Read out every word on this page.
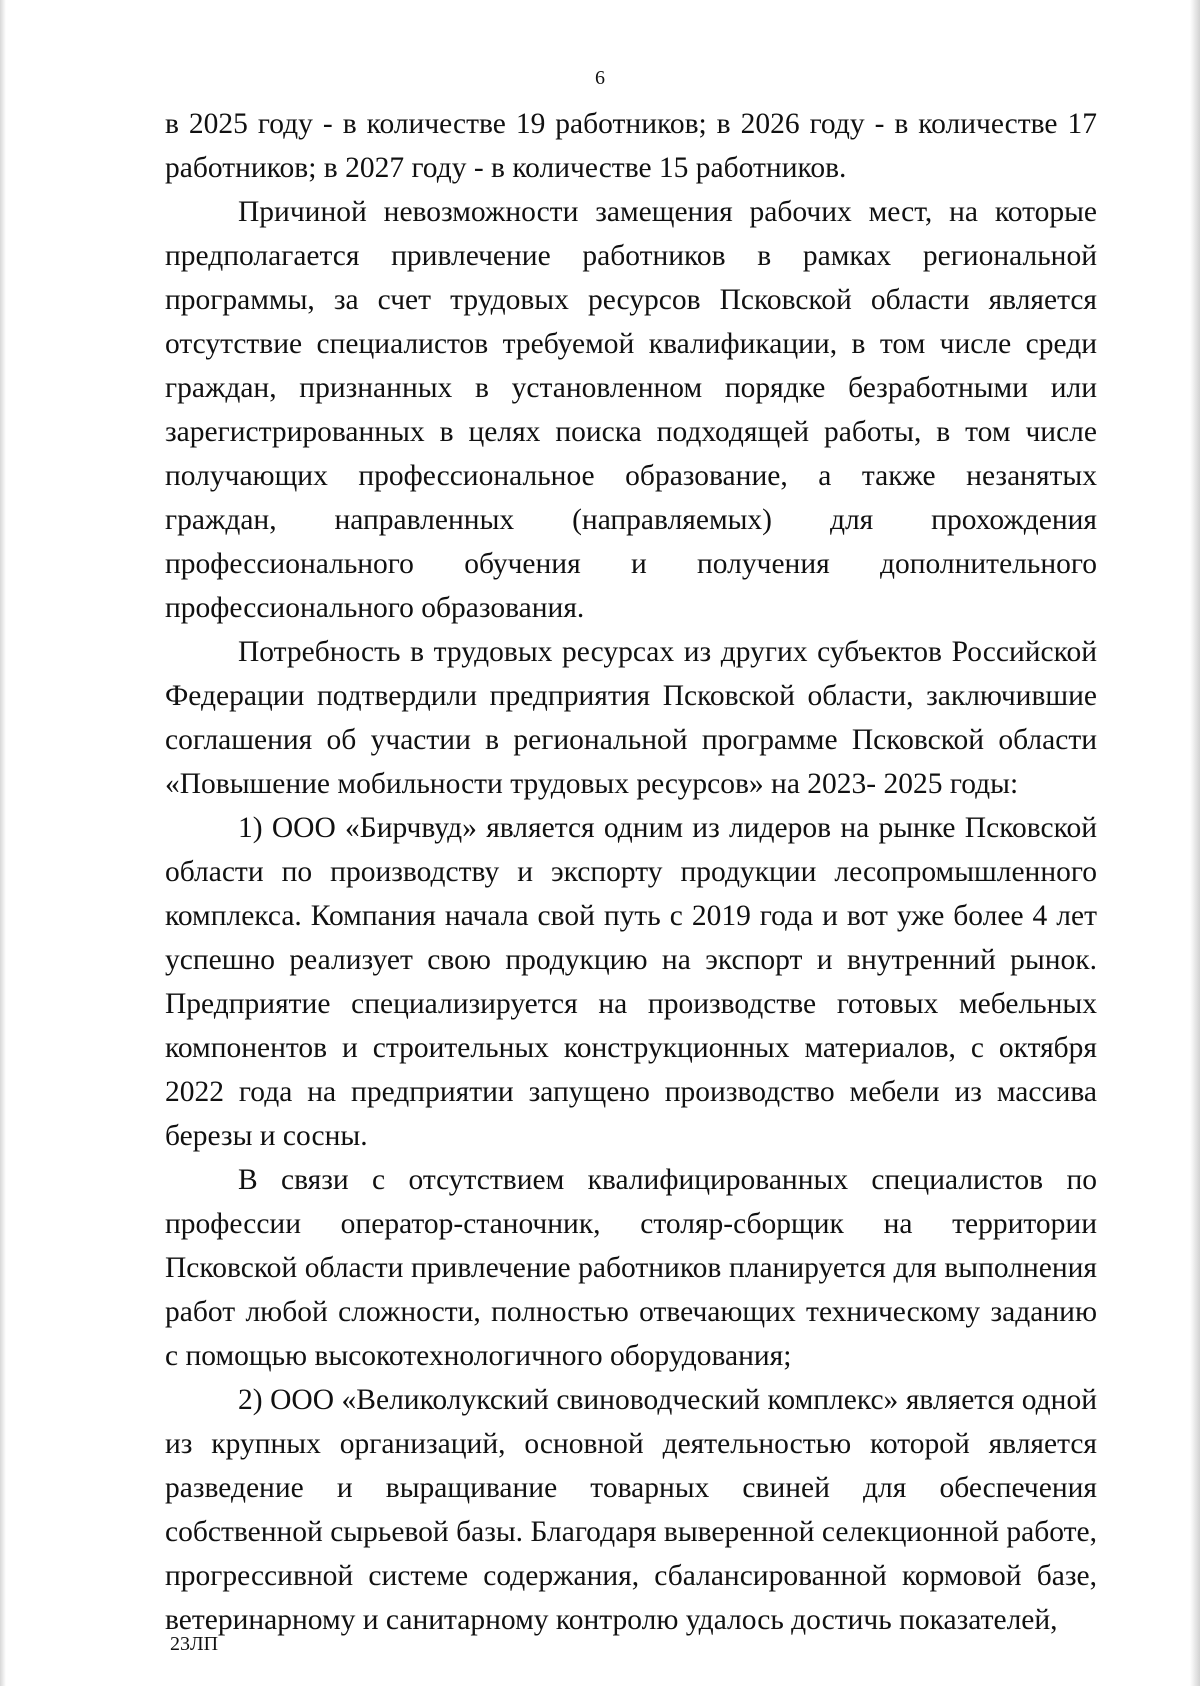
6

в 2025 году - в количестве 19 работников; в 2026 году - в количестве 17 работников; в 2027 году - в количестве 15 работников.

Причиной невозможности замещения рабочих мест, на которые предполагается привлечение работников в рамках региональной программы, за счет трудовых ресурсов Псковской области является отсутствие специалистов требуемой квалификации, в том числе среди граждан, признанных в установленном порядке безработными или зарегистрированных в целях поиска подходящей работы, в том числе получающих профессиональное образование, а также незанятых граждан, направленных (направляемых) для прохождения профессионального обучения и получения дополнительного профессионального образования.

Потребность в трудовых ресурсах из других субъектов Российской Федерации подтвердили предприятия Псковской области, заключившие соглашения об участии в региональной программе Псковской области «Повышение мобильности трудовых ресурсов» на 2023- 2025 годы:

1) ООО «Бирчвуд» является одним из лидеров на рынке Псковской области по производству и экспорту продукции лесопромышленного комплекса. Компания начала свой путь с 2019 года и вот уже более 4 лет успешно реализует свою продукцию на экспорт и внутренний рынок. Предприятие специализируется на производстве готовых мебельных компонентов и строительных конструкционных материалов, с октября 2022 года на предприятии запущено производство мебели из массива березы и сосны.

В связи с отсутствием квалифицированных специалистов по профессии оператор-станочник, столяр-сборщик на территории Псковской области привлечение работников планируется для выполнения работ любой сложности, полностью отвечающих техническому заданию с помощью высокотехнологичного оборудования;

2) ООО «Великолукский свиноводческий комплекс» является одной из крупных организаций, основной деятельностью которой является разведение и выращивание товарных свиней для обеспечения собственной сырьевой базы. Благодаря выверенной селекционной работе, прогрессивной системе содержания, сбалансированной кормовой базе, ветеринарному и санитарному контролю удалось достичь показателей,

23ЛП
